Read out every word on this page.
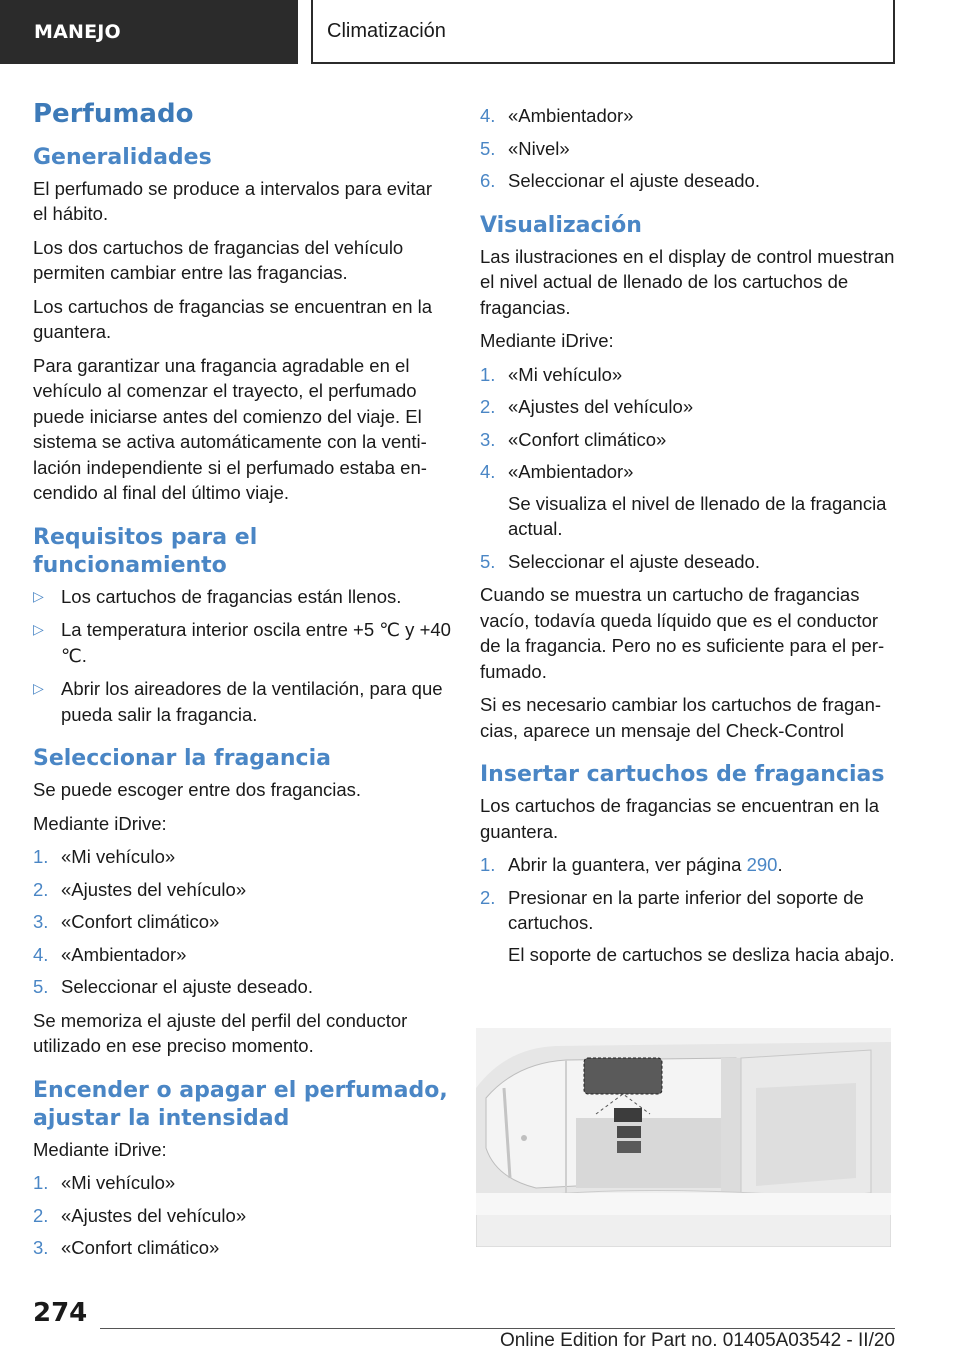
MANEJO	Climatización
Perfumado
Generalidades

El perfumado se produce a intervalos para evitar el hábito.

Los dos cartuchos de fragancias del vehículo permiten cambiar entre las fragancias.

Los cartuchos de fragancias se encuentran en la guantera.

Para garantizar una fragancia agradable en el vehículo al comenzar el trayecto, el perfumado puede iniciarse antes del comienzo del viaje. El sistema se activa automáticamente con la ventilación independiente si el perfumado estaba encendido al final del último viaje.

Requisitos para el funcionamiento
▷ Los cartuchos de fragancias están llenos.
▷ La temperatura interior oscila entre +5 ℃ y +40 ℃.
▷ Abrir los aireadores de la ventilación, para que pueda salir la fragancia.
Seleccionar la fragancia

Se puede escoger entre dos fragancias.

Mediante iDrive:

1. «Mi vehículo»
2. «Ajustes del vehículo»
3. «Confort climático»
4. «Ambientador»
5. Seleccionar el ajuste deseado.

Se memoriza el ajuste del perfil del conductor utilizado en ese preciso momento.

Encender o apagar el perfumado, ajustar la intensidad

Mediante iDrive:

1. «Mi vehículo»
2. «Ajustes del vehículo»
3. «Confort climático»
4. «Ambientador»
5. «Nivel»
6. Seleccionar el ajuste deseado.
Visualización

Las ilustraciones en el display de control muestran el nivel actual de llenado de los cartuchos de fragancias.

Mediante iDrive:

1. «Mi vehículo»
2. «Ajustes del vehículo»
3. «Confort climático»
4. «Ambientador»
Se visualiza el nivel de llenado de la fragancia actual.
5. Seleccionar el ajuste deseado.

Cuando se muestra un cartucho de fragancias vacío, todavía queda líquido que es el conductor de la fragancia. Pero no es suficiente para el perfumado.

Si es necesario cambiar los cartuchos de fragancias, aparece un mensaje del Check-Control

Insertar cartuchos de fragancias

Los cartuchos de fragancias se encuentran en la guantera.

1. Abrir la guantera, ver página 290.
2. Presionar en la parte inferior del soporte de cartuchos.
El soporte de cartuchos se desliza hacia abajo.
274
Online Edition for Part no. 01405A03542 - II/20
